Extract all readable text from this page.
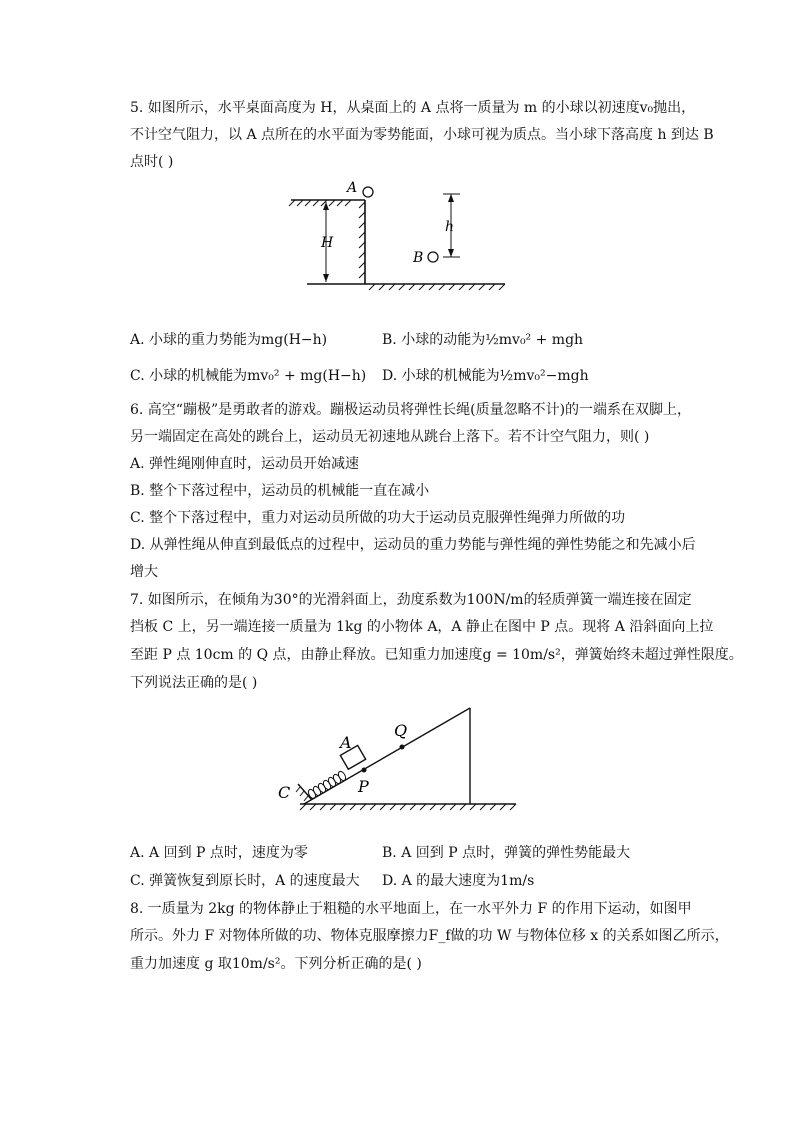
5. 如图所示，水平桌面高度为 H，从桌面上的 A 点将一质量为 m 的小球以初速度v₀抛出，
不计空气阻力，以 A 点所在的水平面为零势能面，小球可视为质点。当小球下落高度 h 到达 B
点时( )
H
A
h
B
A. 小球的重力势能为mg(H−h)	B. 小球的动能为½mv₀² + mgh
C. 小球的机械能为mv₀² + mg(H−h) D. 小球的机械能为½mv₀²−mgh
6. 高空“蹦极”是勇敢者的游戏。蹦极运动员将弹性长绳(质量忽略不计)的一端系在双脚上，
另一端固定在高处的跳台上，运动员无初速地从跳台上落下。若不计空气阻力，则( )
A. 弹性绳刚伸直时，运动员开始减速
B. 整个下落过程中，运动员的机械能一直在减小
C. 整个下落过程中，重力对运动员所做的功大于运动员克服弹性绳弹力所做的功
D. 从弹性绳从伸直到最低点的过程中，运动员的重力势能与弹性绳的弹性势能之和先减小后
增大
7. 如图所示，在倾角为30°的光滑斜面上，劲度系数为100N/m的轻质弹簧一端连接在固定
挡板 C 上，另一端连接一质量为 1kg 的小物体 A，A 静止在图中 P 点。现将 A 沿斜面向上拉
至距 P 点 10cm 的 Q 点，由静止释放。已知重力加速度g = 10m/s²，弹簧始终未超过弹性限度。
下列说法正确的是( )
C
A
P
Q
A. A 回到 P 点时，速度为零	B. A 回到 P 点时，弹簧的弹性势能最大
C. 弹簧恢复到原长时，A 的速度最大 D. A 的最大速度为1m/s
8. 一质量为 2kg 的物体静止于粗糙的水平地面上，在一水平外力 F 的作用下运动，如图甲
所示。外力 F 对物体所做的功、物体克服摩擦力F_f做的功 W 与物体位移 x 的关系如图乙所示，
重力加速度 g 取10m/s²。下列分析正确的是( )
